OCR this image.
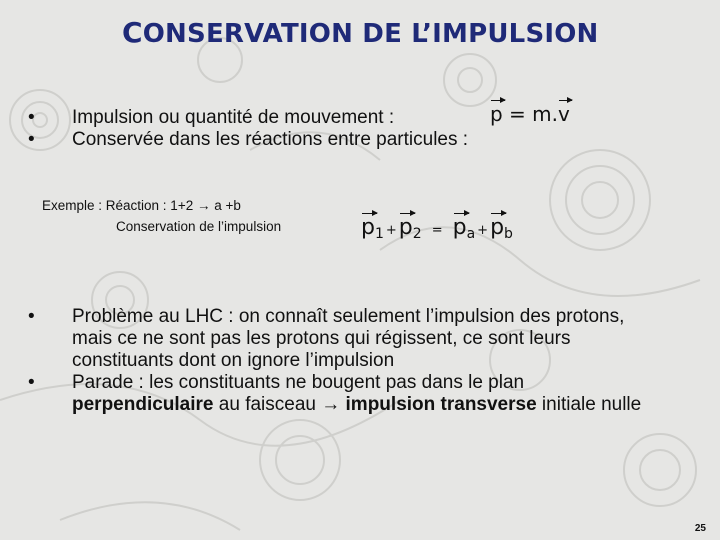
CONSERVATION DE L’IMPULSION
• Impulsion ou quantité de mouvement :
• Conservée dans les réactions entre particules :
p = m.v
Exemple : Réaction : 1+2 → a +b
Conservation de l’impulsion	$p_1 +p_2 = p_a +p_b$
• Problème au LHC : on connaît seulement l’impulsion des protons, mais ce ne sont pas les protons qui régissent, ce sont leurs constituants dont on ignore l’impulsion
• Parade : les constituants ne bougent pas dans le plan perpendiculaire au faisceau → impulsion transverse initiale nulle
25
